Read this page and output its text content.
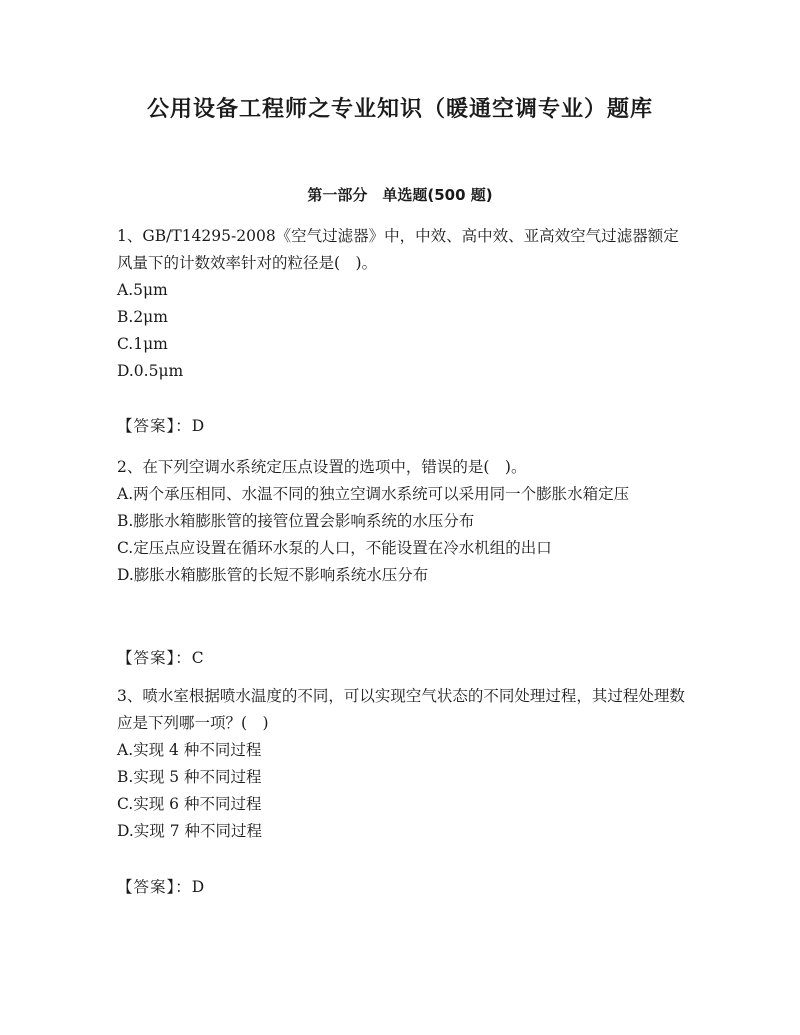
公用设备工程师之专业知识（暖通空调专业）题库
第一部分　单选题(500 题)
1、GB/T14295-2008《空气过滤器》中，中效、高中效、亚高效空气过滤器额定风量下的计数效率针对的粒径是(　)。
A.5μm
B.2μm
C.1μm
D.0.5μm
【答案】：D
2、在下列空调水系统定压点设置的选项中，错误的是(　)。
A.两个承压相同、水温不同的独立空调水系统可以采用同一个膨胀水箱定压
B.膨胀水箱膨胀管的接管位置会影响系统的水压分布
C.定压点应设置在循环水泵的人口，不能设置在冷水机组的出口
D.膨胀水箱膨胀管的长短不影响系统水压分布
【答案】：C
3、喷水室根据喷水温度的不同，可以实现空气状态的不同处理过程，其过程处理数应是下列哪一项？(　)
A.实现 4 种不同过程
B.实现 5 种不同过程
C.实现 6 种不同过程
D.实现 7 种不同过程
【答案】：D
